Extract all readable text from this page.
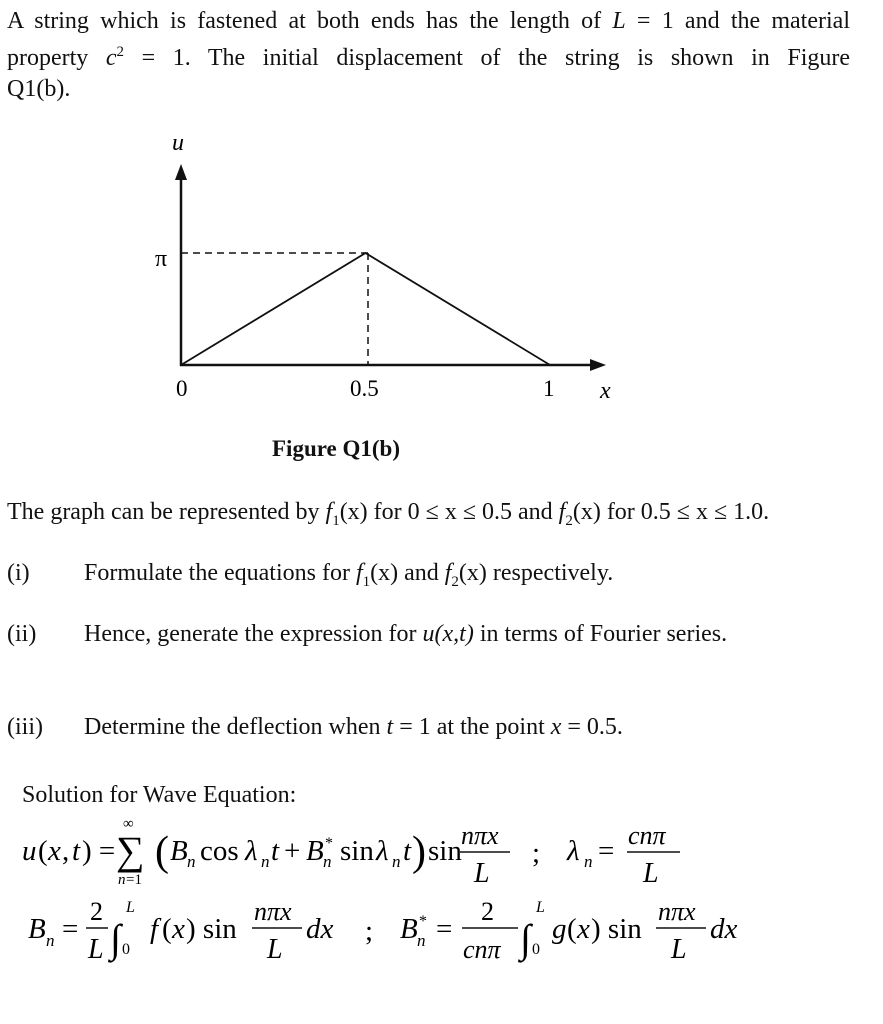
A string which is fastened at both ends has the length of L = 1 and the material
property $c^2 = 1$. The initial displacement of the string is shown in Figure
Q1(b).
u
π
0	0.5	1 x
Figure Q1(b)
The graph can be represented by $f_1(x)$ for 0 ≤ x ≤ 0.5 and $f_2(x)$ for 0.5 ≤ x ≤ 1.0.
(i) Formulate the equations for $f_1(x)$ and $f_2(x)$ respectively.
(ii) Hence, generate the expression for u(x,t) in terms of Fourier series.
(iii) Determine the deflection when t = 1 at the point x = 0.5.
Solution for Wave Equation:
u ( x , t ) =
∞
∑
n =1
( B n cos λ n t + B *
n sin λ n t ) sin nπx
L
; λ n = cnπ
L
B n =
2
L ∫
L
0
f ( x ) sin
nπx
L
dx ; B *
n =
2
cnπ ∫
L
0
g ( x ) sin
nπx
L
dx
